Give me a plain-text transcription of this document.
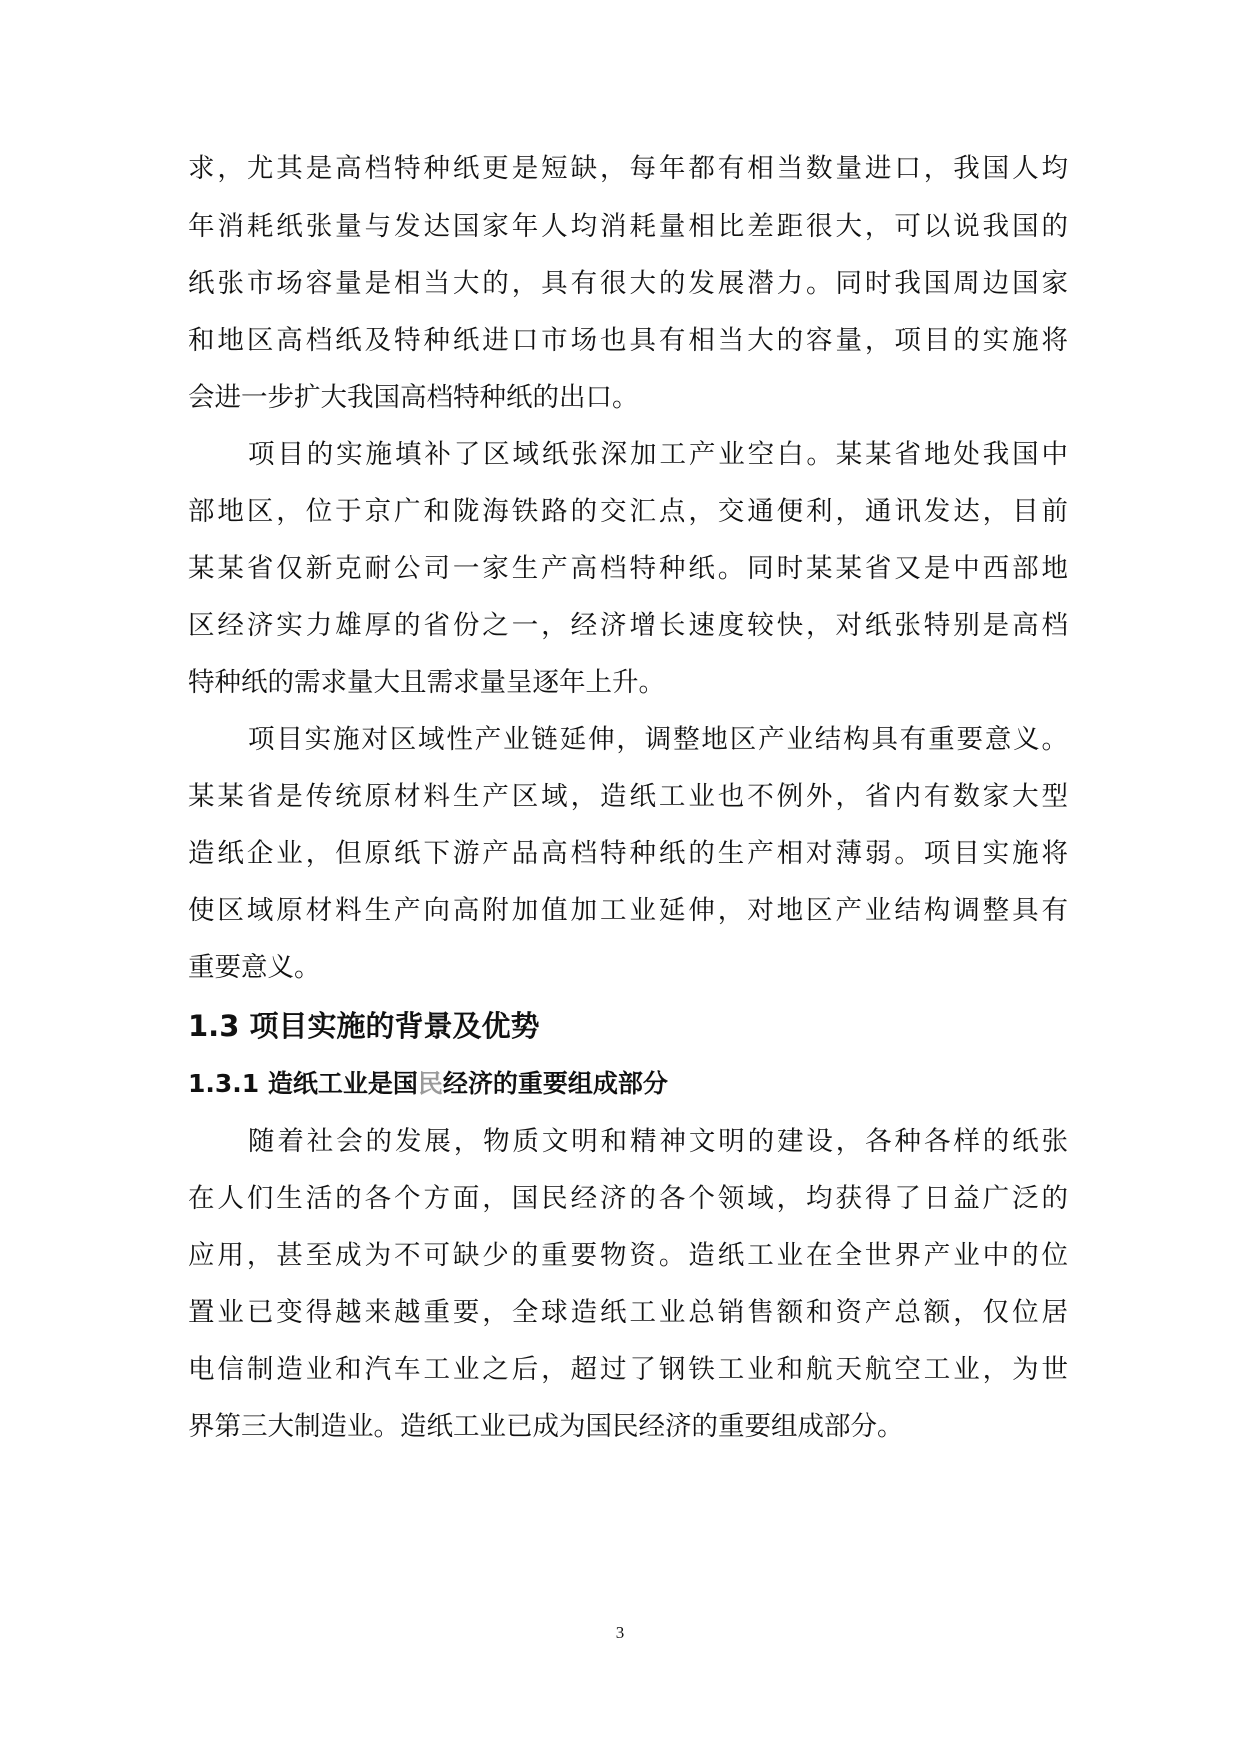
求，尤其是高档特种纸更是短缺，每年都有相当数量进口，我国人均
年消耗纸张量与发达国家年人均消耗量相比差距很大，可以说我国的
纸张市场容量是相当大的，具有很大的发展潜力。同时我国周边国家
和地区高档纸及特种纸进口市场也具有相当大的容量，项目的实施将
会进一步扩大我国高档特种纸的出口。
项目的实施填补了区域纸张深加工产业空白。某某省地处我国中
部地区，位于京广和陇海铁路的交汇点，交通便利，通讯发达，目前
某某省仅新克耐公司一家生产高档特种纸。同时某某省又是中西部地
区经济实力雄厚的省份之一，经济增长速度较快，对纸张特别是高档
特种纸的需求量大且需求量呈逐年上升。
项目实施对区域性产业链延伸，调整地区产业结构具有重要意义。
某某省是传统原材料生产区域，造纸工业也不例外，省内有数家大型
造纸企业，但原纸下游产品高档特种纸的生产相对薄弱。项目实施将
使区域原材料生产向高附加值加工业延伸，对地区产业结构调整具有
重要意义。
1.3 项目实施的背景及优势
1.3.1 造纸工业是国民经济的重要组成部分
随着社会的发展，物质文明和精神文明的建设，各种各样的纸张
在人们生活的各个方面，国民经济的各个领域，均获得了日益广泛的
应用，甚至成为不可缺少的重要物资。造纸工业在全世界产业中的位
置业已变得越来越重要，全球造纸工业总销售额和资产总额，仅位居
电信制造业和汽车工业之后，超过了钢铁工业和航天航空工业，为世
界第三大制造业。造纸工业已成为国民经济的重要组成部分。
3
